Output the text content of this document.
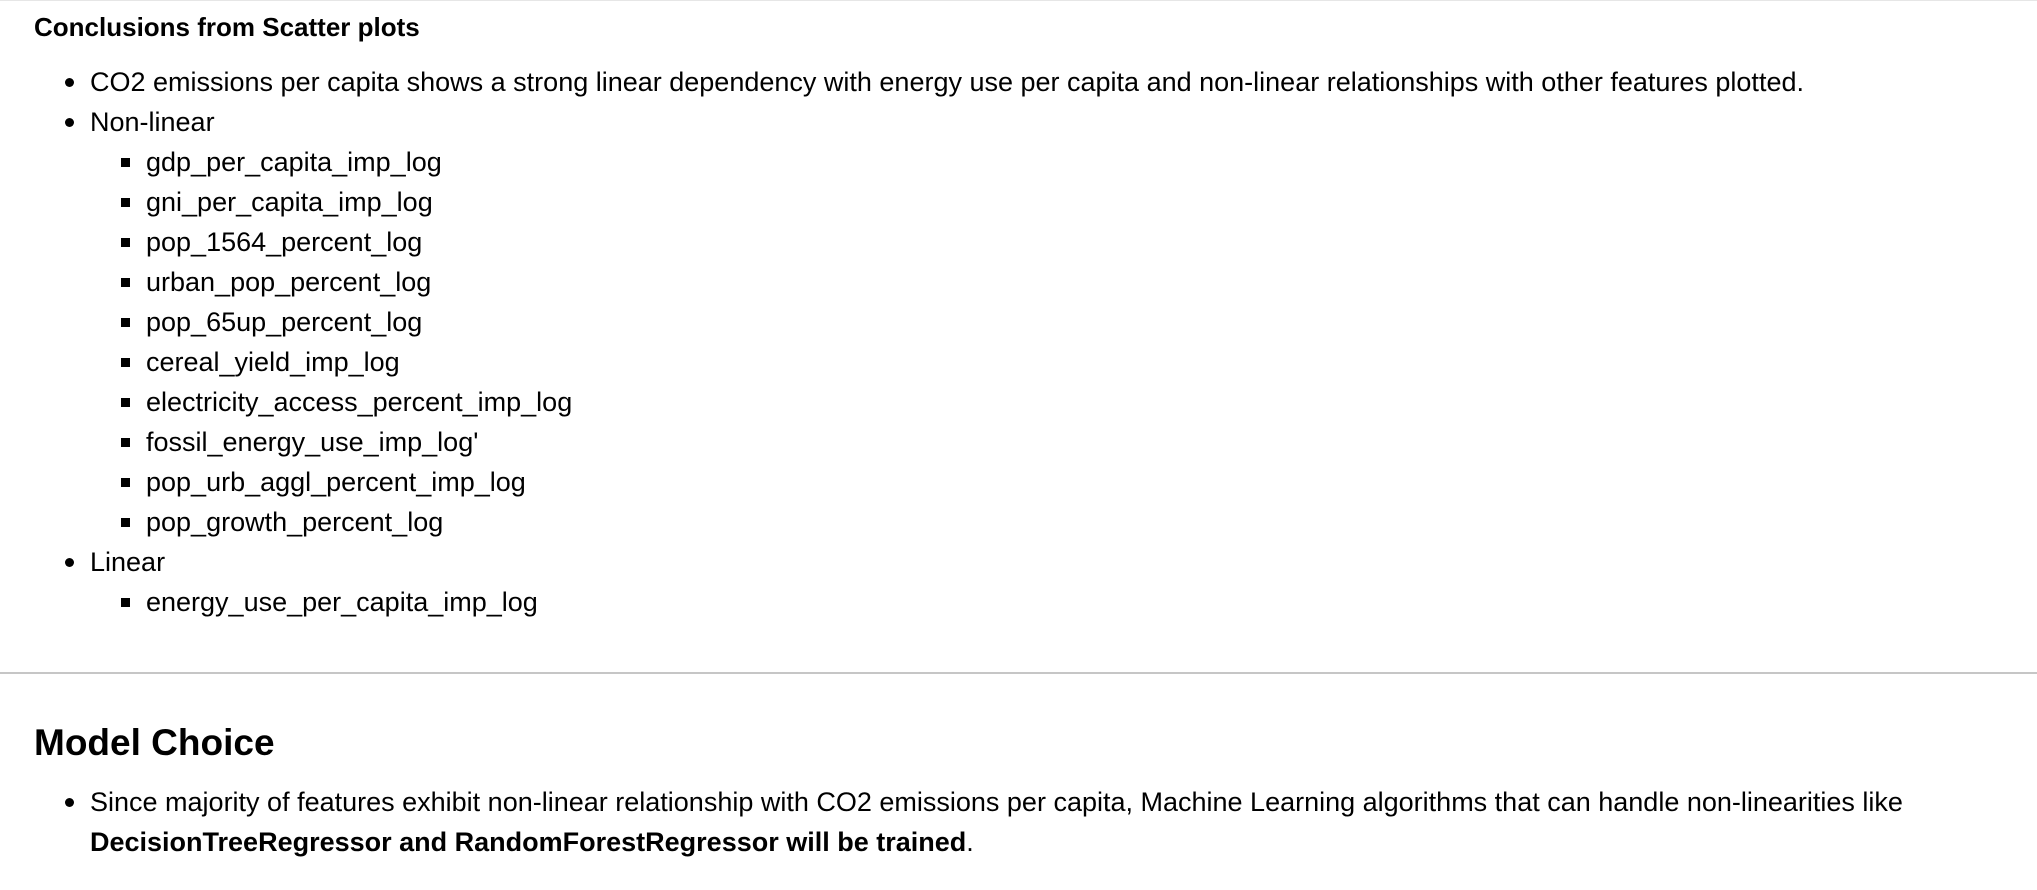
Conclusions from Scatter plots
CO2 emissions per capita shows a strong linear dependency with energy use per capita and non-linear relationships with other features plotted.
Non-linear
gdp_per_capita_imp_log
gni_per_capita_imp_log
pop_1564_percent_log
urban_pop_percent_log
pop_65up_percent_log
cereal_yield_imp_log
electricity_access_percent_imp_log
fossil_energy_use_imp_log'
pop_urb_aggl_percent_imp_log
pop_growth_percent_log
Linear
energy_use_per_capita_imp_log
Model Choice
Since majority of features exhibit non-linear relationship with CO2 emissions per capita, Machine Learning algorithms that can handle non-linearities like DecisionTreeRegressor and RandomForestRegressor will be trained.
